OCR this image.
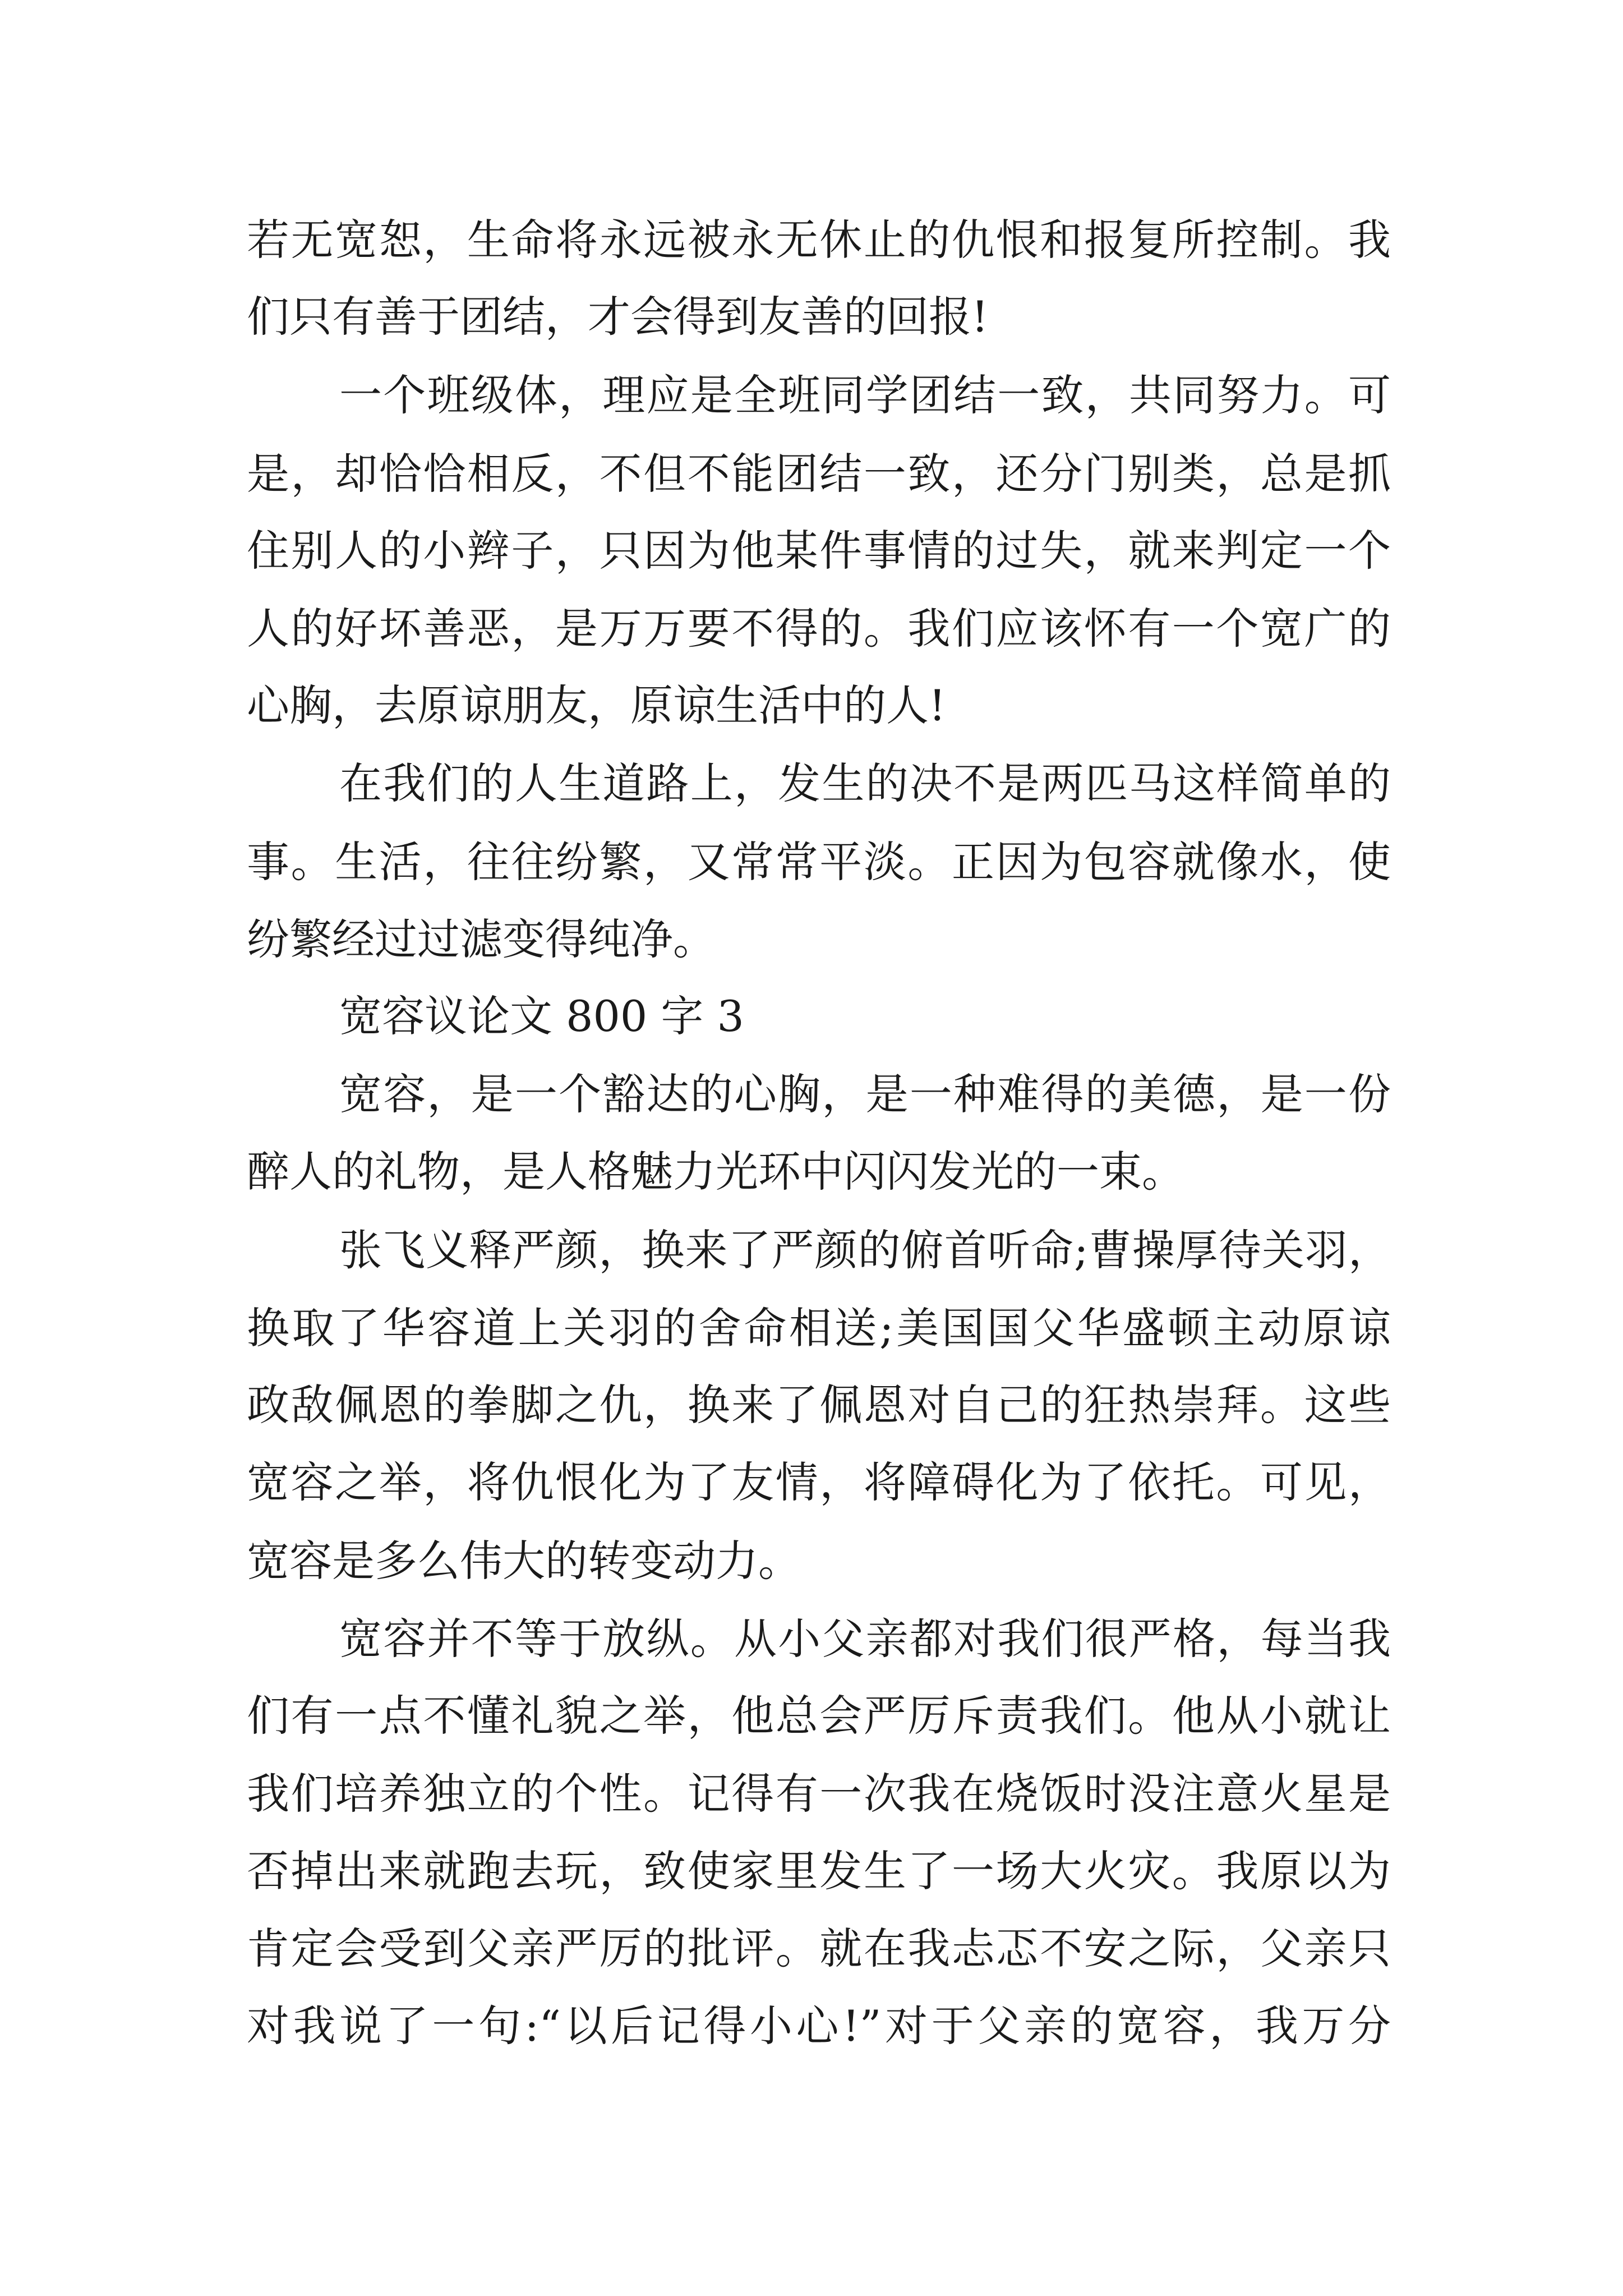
若无宽恕，生命将永远被永无休止的仇恨和报复所控制。我
们只有善于团结，才会得到友善的回报!
一个班级体，理应是全班同学团结一致，共同努力。可
是，却恰恰相反，不但不能团结一致，还分门别类，总是抓
住别人的小辫子，只因为他某件事情的过失，就来判定一个
人的好坏善恶，是万万要不得的。我们应该怀有一个宽广的
心胸，去原谅朋友，原谅生活中的人!
在我们的人生道路上，发生的决不是两匹马这样简单的
事。生活，往往纷繁，又常常平淡。正因为包容就像水，使
纷繁经过过滤变得纯净。
宽容议论文 800 字 3
宽容，是一个豁达的心胸，是一种难得的美德，是一份
醉人的礼物，是人格魅力光环中闪闪发光的一束。
张飞义释严颜，换来了严颜的俯首听命;曹操厚待关羽，
换取了华容道上关羽的舍命相送;美国国父华盛顿主动原谅
政敌佩恩的拳脚之仇，换来了佩恩对自己的狂热崇拜。这些
宽容之举，将仇恨化为了友情，将障碍化为了依托。可见，
宽容是多么伟大的转变动力。
宽容并不等于放纵。从小父亲都对我们很严格，每当我
们有一点不懂礼貌之举，他总会严厉斥责我们。他从小就让
我们培养独立的个性。记得有一次我在烧饭时没注意火星是
否掉出来就跑去玩，致使家里发生了一场大火灾。我原以为
肯定会受到父亲严厉的批评。就在我忐忑不安之际，父亲只
对我说了一句:“以后记得小心!”对于父亲的宽容，我万分
